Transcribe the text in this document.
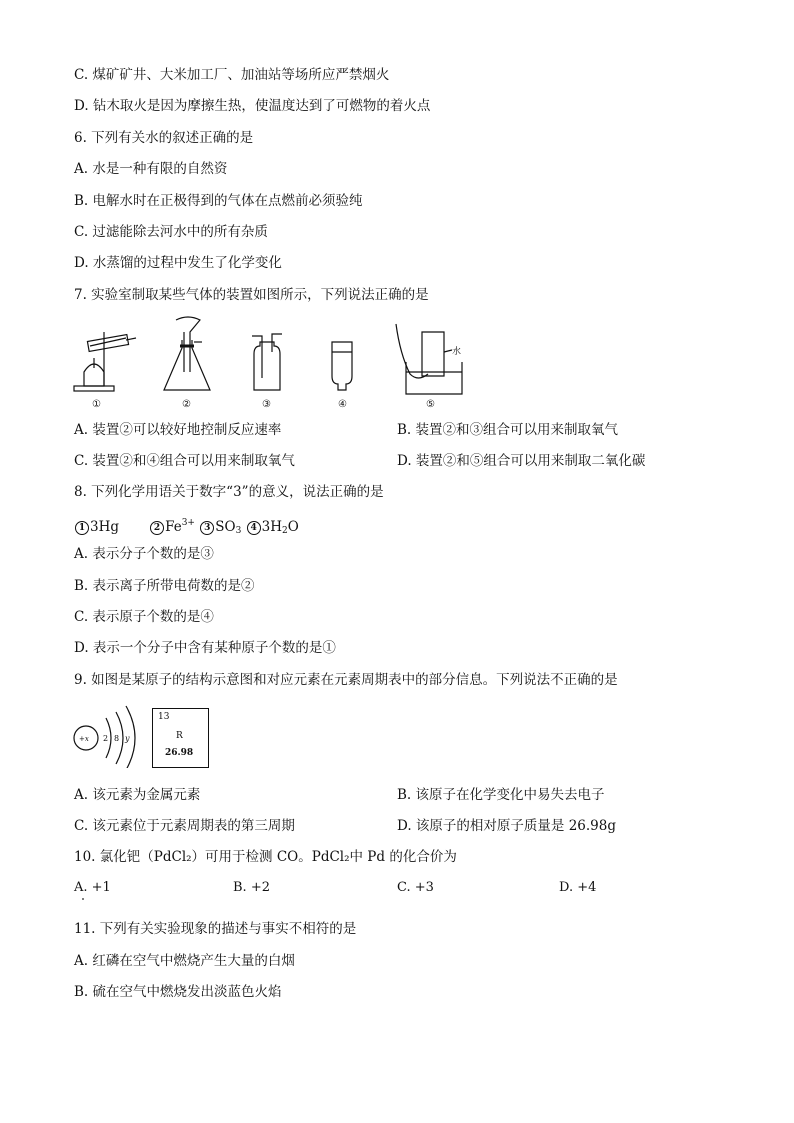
C. 煤矿矿井、大米加工厂、加油站等场所应严禁烟火
D. 钻木取火是因为摩擦生热，使温度达到了可燃物的着火点
6. 下列有关水的叙述正确的是
A. 水是一种有限的自然资
B. 电解水时在正极得到的气体在点燃前必须验纯
C. 过滤能除去河水中的所有杂质
D. 水蒸馏的过程中发生了化学变化
7. 实验室制取某些气体的装置如图所示，下列说法正确的是
①	②	③	④	⑤
水
A. 装置②可以较好地控制反应速率	B. 装置②和③组合可以用来制取氧气
C. 装置②和④组合可以用来制取氧气	D. 装置②和⑤组合可以用来制取二氧化碳
8. 下列化学用语关于数字“3”的意义，说法正确的是
1 3Hg	2 $Fe^{3+}$ 3 $SO_3$ 4 $3H_2O$
A. 表示分子个数的是③
B. 表示离子所带电荷数的是②
C. 表示原子个数的是④
D. 表示一个分子中含有某种原子个数的是①
9. 如图是某原子的结构示意图和对应元素在元素周期表中的部分信息。下列说法不正确的是
+x 2 8 y
13
R
26.98
A. 该元素为金属元素	B. 该原子在化学变化中易失去电子
C. 该元素位于元素周期表的第三周期	D. 该原子的相对原子质量是 26.98g
10. 氯化钯（PdCl₂）可用于检测 CO。PdCl₂中 Pd 的化合价为
A. +1	B. +2	C. +3	D. +4
11. 下列有关实验现象的描述与事实不相符的是
A. 红磷在空气中燃烧产生大量的白烟
B. 硫在空气中燃烧发出淡蓝色火焰
